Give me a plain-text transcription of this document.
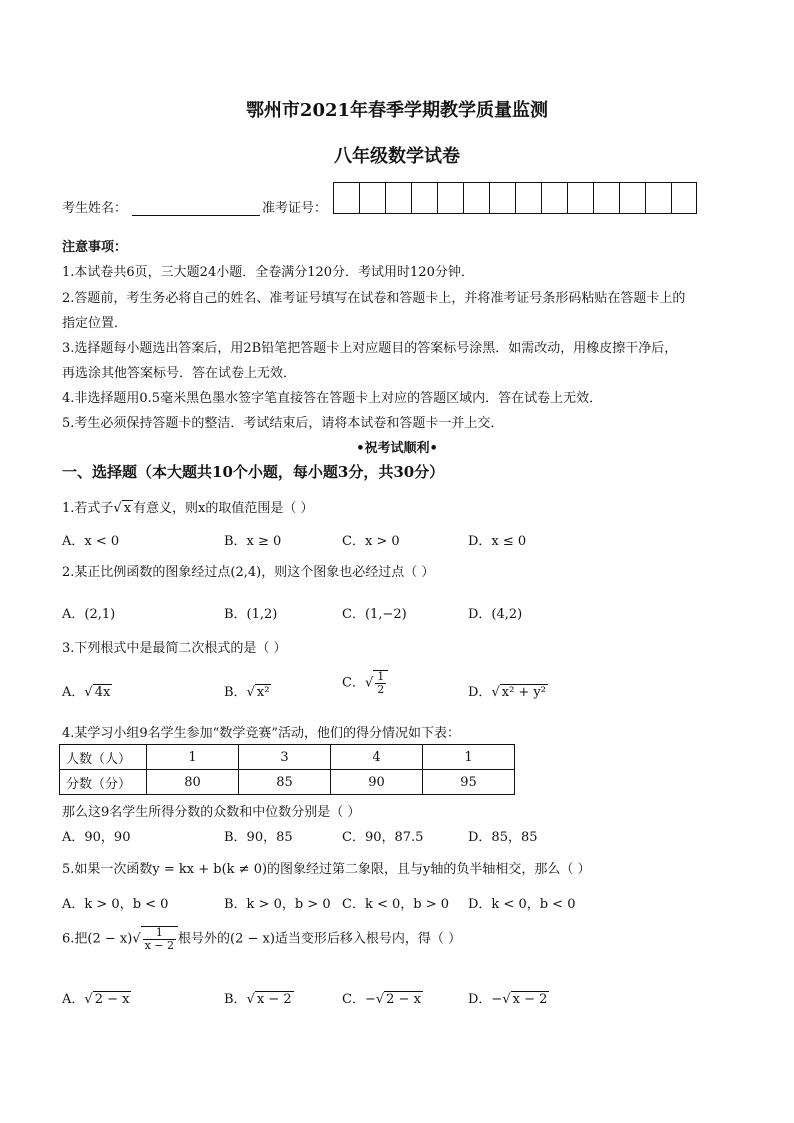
鄂州市2021年春季学期教学质量监测
八年级数学试卷
考生姓名：	准考证号：
注意事项：
1.本试卷共6页，三大题24小题．全卷满分120分．考试用时120分钟．
2.答题前，考生务必将自己的姓名、准考证号填写在试卷和答题卡上，并将准考证号条形码粘贴在答题卡上的
指定位置．
3.选择题每小题选出答案后，用2B铅笔把答题卡上对应题目的答案标号涂黑．如需改动，用橡皮擦干净后，
再选涂其他答案标号．答在试卷上无效．
4.非选择题用0.5毫米黑色墨水签字笔直接答在答题卡上对应的答题区域内．答在试卷上无效．
5.考生必须保持答题卡的整洁．考试结束后，请将本试卷和答题卡一并上交．
•祝考试顺利•
一、选择题（本大题共10个小题，每小题3分，共30分）
1.若式子√ x 有意义，则x的取值范围是（ ）
A．x < 0	B．x ≥ 0	C．x > 0	D．x ≤ 0
2.某正比例函数的图象经过点(2,4)，则这个图象也必经过点（ ）
A．(2,1)	B．(1,2)	C．(1,−2)	D．(4,2)
3.下列根式中是最简二次根式的是（ ）
A．√ 4x	B．√ x²
C．√ $\frac{1}{2}$	D．√ x² + y²
4.某学习小组9名学生参加“数学竞赛”活动，他们的得分情况如下表：
人数（人）	1	3	4	1
分数（分）	80	85	90	95
那么这9名学生所得分数的众数和中位数分别是（ ）
A．90，90	B．90，85	C．90，87.5	D．85，85
5.如果一次函数y = kx + b(k ≠ 0)的图象经过第二象限，且与y轴的负半轴相交，那么（ ）
A．k > 0，b < 0	B．k > 0，b > 0 C．k < 0，b > 0 D．k < 0，b < 0
6.把$(2 - x)√ \frac{1}{x - 2}$ 根号外的(2 − x)适当变形后移入根号内，得（ ）
A．√ 2 − x	B．√ x − 2	C．−√ 2 − x	D．−√ x − 2
